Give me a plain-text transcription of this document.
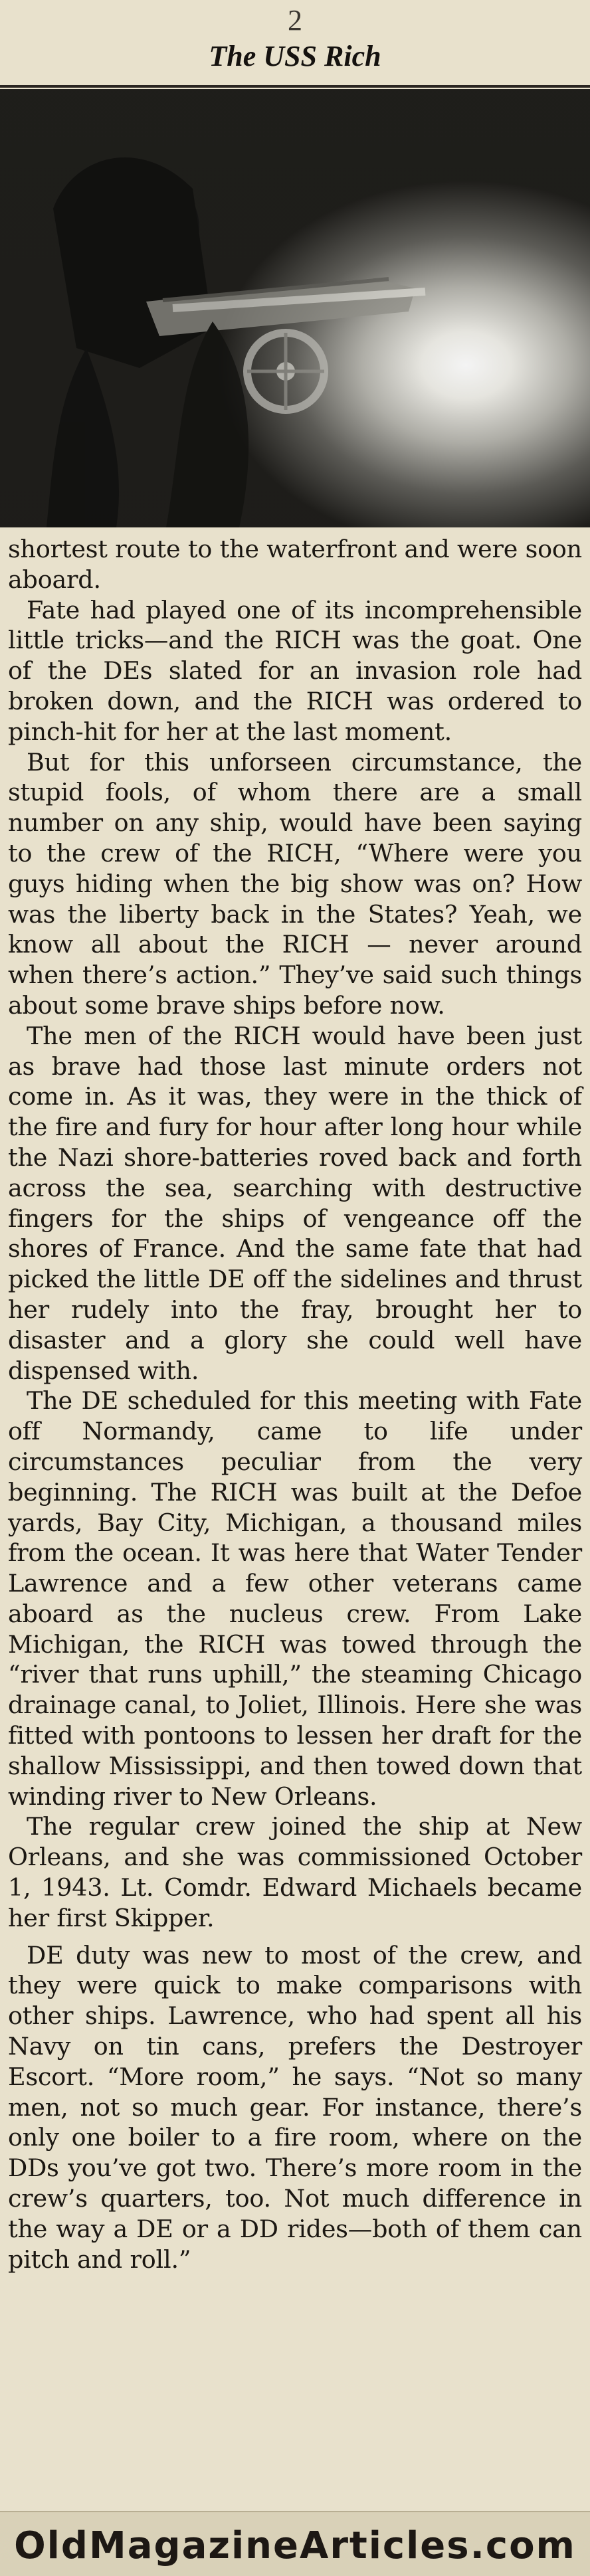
2
The USS Rich

shortest route to the waterfront and were soon aboard.

Fate had played one of its incomprehensible little tricks—and the RICH was the goat. One of the DEs slated for an invasion role had broken down, and the RICH was ordered to pinch-hit for her at the last moment.

But for this unforseen circumstance, the stupid fools, of whom there are a small number on any ship, would have been saying to the crew of the RICH, “Where were you guys hiding when the big show was on? How was the liberty back in the States? Yeah, we know all about the RICH — never around when there’s action.” They’ve said such things about some brave ships before now.

The men of the RICH would have been just as brave had those last minute orders not come in. As it was, they were in the thick of the fire and fury for hour after long hour while the Nazi shore-batteries roved back and forth across the sea, searching with destructive fingers for the ships of vengeance off the shores of France. And the same fate that had picked the little DE off the sidelines and thrust her rudely into the fray, brought her to disaster and a glory she could well have dispensed with.

The DE scheduled for this meeting with Fate off Normandy, came to life under circumstances peculiar from the very beginning. The RICH was built at the Defoe yards, Bay City, Michigan, a thousand miles from the ocean. It was here that Water Tender Lawrence and a few other veterans came aboard as the nucleus crew. From Lake Michigan, the RICH was towed through the “river that runs uphill,” the steaming Chicago drainage canal, to Joliet, Illinois. Here she was fitted with pontoons to lessen her draft for the shallow Mississippi, and then towed down that winding river to New Orleans.

The regular crew joined the ship at New Orleans, and she was commissioned October 1, 1943. Lt. Comdr. Edward Michaels became her first Skipper.

DE duty was new to most of the crew, and they were quick to make comparisons with other ships. Lawrence, who had spent all his Navy on tin cans, prefers the Destroyer Escort. “More room,” he says. “Not so many men, not so much gear. For instance, there’s only one boiler to a fire room, where on the DDs you’ve got two. There’s more room in the crew’s quarters, too. Not much difference in the way a DE or a DD rides—both of them can pitch and roll.”

OldMagazineArticles.com
